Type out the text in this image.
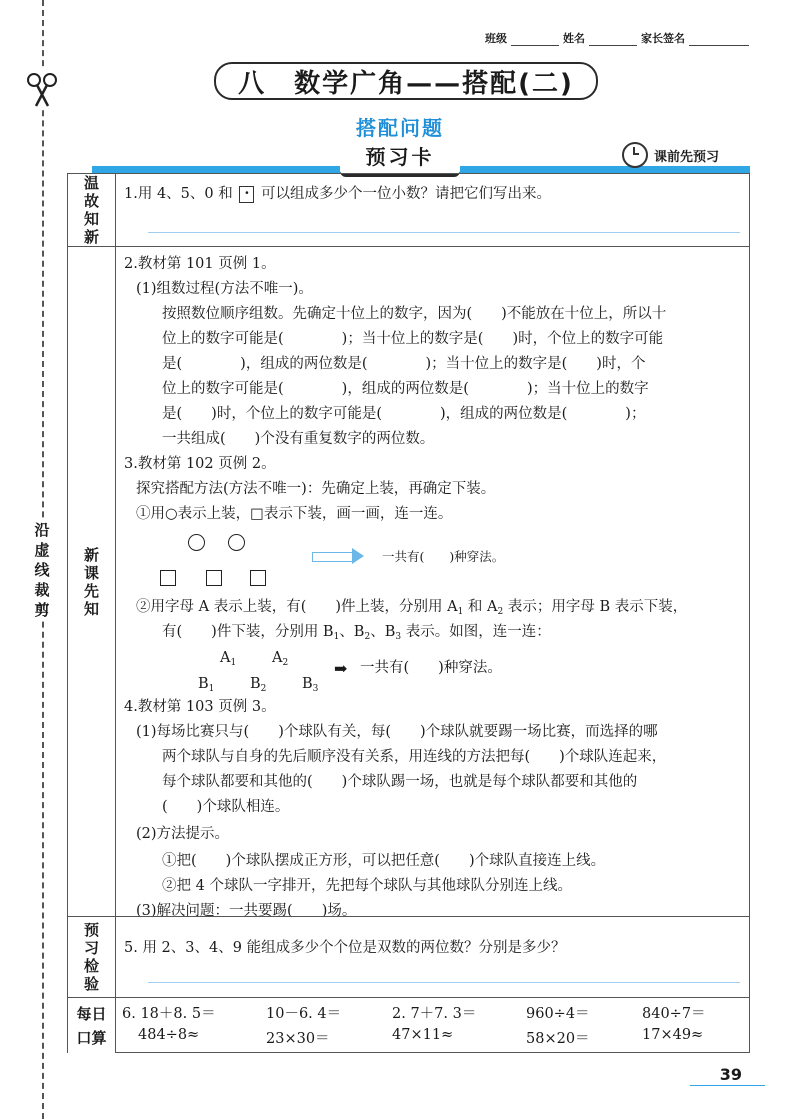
沿
虚
线
裁
剪
班级	姓名	家长签名
八　数学广角——搭配(二)
搭配问题
预习卡	课前先预习
温
故
知
新
1.用 4、5、0 和 · 可以组成多少个一位小数？请把它们写出来。
新
课
先
知
2.教材第 101 页例 1。
(1)组数过程(方法不唯一)。
按照数位顺序组数。先确定十位上的数字，因为(　　)不能放在十位上，所以十
位上的数字可能是(　　　　)；当十位上的数字是(　　)时，个位上的数字可能
是(　　　　)，组成的两位数是(　　　　)；当十位上的数字是(　　)时，个
位上的数字可能是(　　　　)，组成的两位数是(　　　　)；当十位上的数字
是(　　)时，个位上的数字可能是(　　　　)，组成的两位数是(　　　　)；
一共组成(　　)个没有重复数字的两位数。
3.教材第 102 页例 2。
探究搭配方法(方法不唯一)：先确定上装，再确定下装。
①用○表示上装，□表示下装，画一画，连一连。
一共有(　　)种穿法。
②用字母 A 表示上装，有(　　)件上装，分别用 $A_1$ 和 $A_2$ 表示；用字母 B 表示下装，
有(　　)件下装，分别用 $B_1$、$B_2$、$B_3$ 表示。如图，连一连：
$A_1$ $A_2$
$B_1$ $B_2$ $B_3$
➡ 一共有(　　)种穿法。
4.教材第 103 页例 3。
(1)每场比赛只与(　　)个球队有关，每(　　)个球队就要踢一场比赛，而选择的哪
两个球队与自身的先后顺序没有关系，用连线的方法把每(　　)个球队连起来，
每个球队都要和其他的(　　)个球队踢一场，也就是每个球队都要和其他的
(　　)个球队相连。
(2)方法提示。
①把(　　)个球队摆成正方形，可以把任意(　　)个球队直接连上线。
②把 4 个球队一字排开，先把每个球队与其他球队分别连上线。
(3)解决问题：一共要踢(　　)场。
预
习
检
验
5. 用 2、3、4、9 能组成多少个个位是双数的两位数？分别是多少？
每日
口算
6. 18＋8. 5＝	10－6. 4＝	2. 7＋7. 3＝	960÷4＝	840÷7＝
484÷8≈	23×30＝	47×11≈	58×20＝	17×49≈
39
